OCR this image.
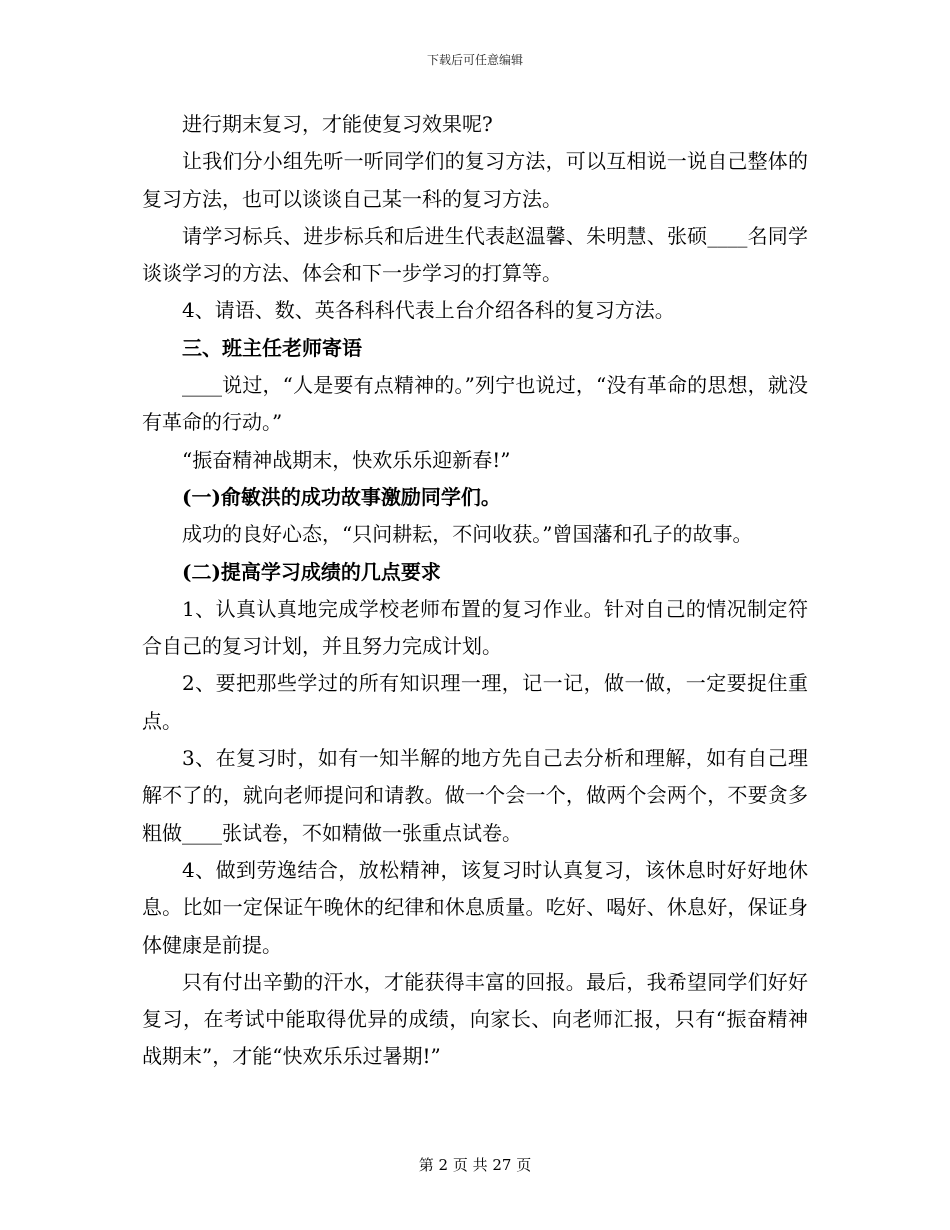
下载后可任意编辑

进行期末复习，才能使复习效果呢?

让我们分小组先听一听同学们的复习方法，可以互相说一说自己整体的复习方法，也可以谈谈自己某一科的复习方法。

请学习标兵、进步标兵和后进生代表赵温馨、朱明慧、张硕____名同学谈谈学习的方法、体会和下一步学习的打算等。

4、请语、数、英各科科代表上台介绍各科的复习方法。

三、班主任老师寄语

____说过，“人是要有点精神的。”列宁也说过，“没有革命的思想，就没有革命的行动。”

“振奋精神战期末，快欢乐乐迎新春!”

(一)俞敏洪的成功故事激励同学们。

成功的良好心态，“只问耕耘，不问收获。”曾国藩和孔子的故事。

(二)提高学习成绩的几点要求

1、认真认真地完成学校老师布置的复习作业。针对自己的情况制定符合自己的复习计划，并且努力完成计划。

2、要把那些学过的所有知识理一理，记一记，做一做，一定要捉住重点。

3、在复习时，如有一知半解的地方先自己去分析和理解，如有自己理解不了的，就向老师提问和请教。做一个会一个，做两个会两个，不要贪多粗做____张试卷，不如精做一张重点试卷。

4、做到劳逸结合，放松精神，该复习时认真复习，该休息时好好地休息。比如一定保证午晚休的纪律和休息质量。吃好、喝好、休息好，保证身体健康是前提。

只有付出辛勤的汗水，才能获得丰富的回报。最后，我希望同学们好好复习，在考试中能取得优异的成绩，向家长、向老师汇报，只有“振奋精神战期末”，才能“快欢乐乐过暑期!”

第 2 页 共 27 页
